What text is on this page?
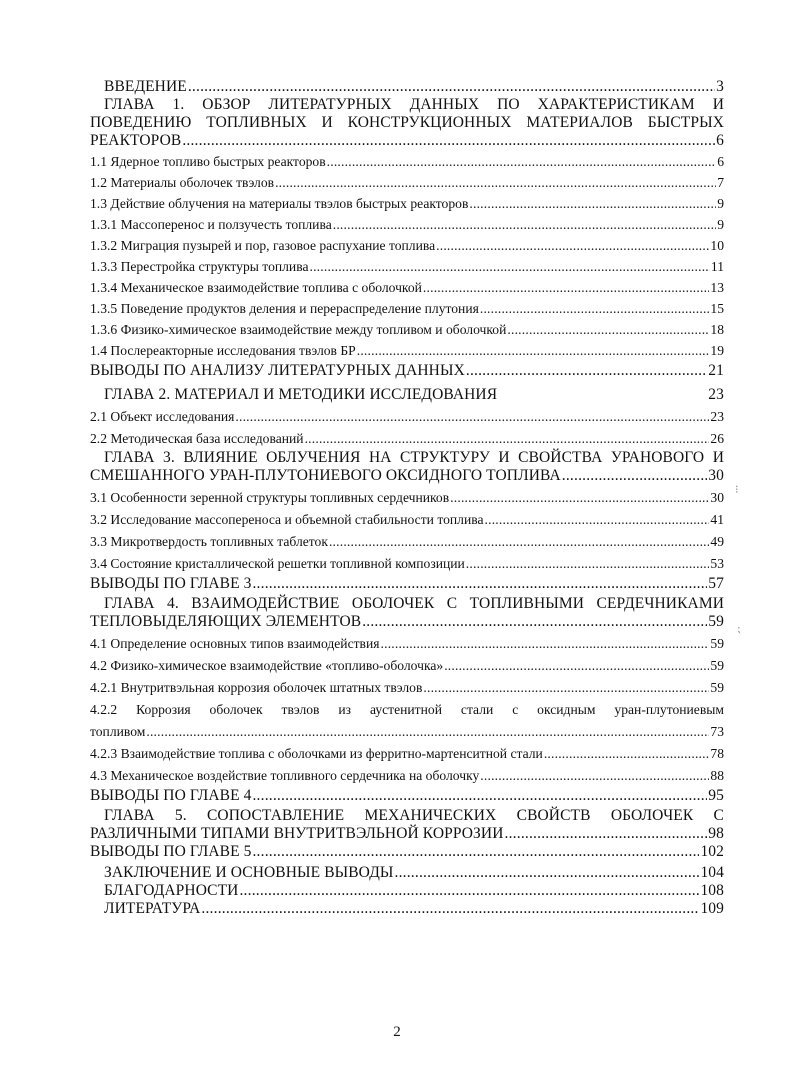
ВВЕДЕНИЕ .....	3
ГЛАВА 1. ОБЗОР ЛИТЕРАТУРНЫХ ДАННЫХ ПО ХАРАКТЕРИСТИКАМ И
ПОВЕДЕНИЮ ТОПЛИВНЫХ И КОНСТРУКЦИОННЫХ МАТЕРИАЛОВ БЫСТРЫХ
РЕАКТОРОВ .....	6
1.1 Ядерное топливо быстрых реакторов .....	6
1.2 Материалы оболочек твэлов .....	7
1.3 Действие облучения на материалы твэлов быстрых реакторов .....	9
1.3.1 Массоперенос и ползучесть топлива .....	9
1.3.2 Миграция пузырей и пор, газовое распухание топлива .....	10
1.3.3 Перестройка структуры топлива .....	11
1.3.4 Механическое взаимодействие топлива с оболочкой .....	13
1.3.5 Поведение продуктов деления и перераспределение плутония .....	15
1.3.6 Физико-химическое взаимодействие между топливом и оболочкой .....	18
1.4 Послереакторные исследования твэлов БР .....	19
ВЫВОДЫ ПО АНАЛИЗУ ЛИТЕРАТУРНЫХ ДАННЫХ .....	21
ГЛАВА 2. МАТЕРИАЛ И МЕТОДИКИ ИССЛЕДОВАНИЯ	23
2.1 Объект исследования .....	23
2.2 Методическая база исследований .....	26
ГЛАВА 3. ВЛИЯНИЕ ОБЛУЧЕНИЯ НА СТРУКТУРУ И СВОЙСТВА УРАНОВОГО И
СМЕШАННОГО УРАН-ПЛУТОНИЕВОГО ОКСИДНОГО ТОПЛИВА .....	30
3.1 Особенности зеренной структуры топливных сердечников .....	30
3.2 Исследование массопереноса и объемной стабильности топлива .....	41
3.3 Микротвердость топливных таблеток .....	49
3.4 Состояние кристаллической решетки топливной композиции .....	53
ВЫВОДЫ ПО ГЛАВЕ 3 .....	57
ГЛАВА 4. ВЗАИМОДЕЙСТВИЕ ОБОЛОЧЕК С ТОПЛИВНЫМИ СЕРДЕЧНИКАМИ
ТЕПЛОВЫДЕЛЯЮЩИХ ЭЛЕМЕНТОВ .....	59
4.1 Определение основных типов взаимодействия .....	59
4.2 Физико-химическое взаимодействие «топливо-оболочка» .....	59
4.2.1 Внутритвэльная коррозия оболочек штатных твэлов .....	59
4.2.2 Коррозия оболочек твэлов из аустенитной стали с оксидным уран-плутониевым
топливом .....	73
4.2.3 Взаимодействие топлива с оболочками из ферритно-мартенситной стали .....	78
4.3 Механическое воздействие топливного сердечника на оболочку .....	88
ВЫВОДЫ ПО ГЛАВЕ 4 .....	95
ГЛАВА 5. СОПОСТАВЛЕНИЕ МЕХАНИЧЕСКИХ СВОЙСТВ ОБОЛОЧЕК С
РАЗЛИЧНЫМИ ТИПАМИ ВНУТРИТВЭЛЬНОЙ КОРРОЗИИ .....	98
ВЫВОДЫ ПО ГЛАВЕ 5 .....	102
ЗАКЛЮЧЕНИЕ И ОСНОВНЫЕ ВЫВОДЫ .....	104
БЛАГОДАРНОСТИ .....	108
ЛИТЕРАТУРА .....	109
⁝
⁏
2
